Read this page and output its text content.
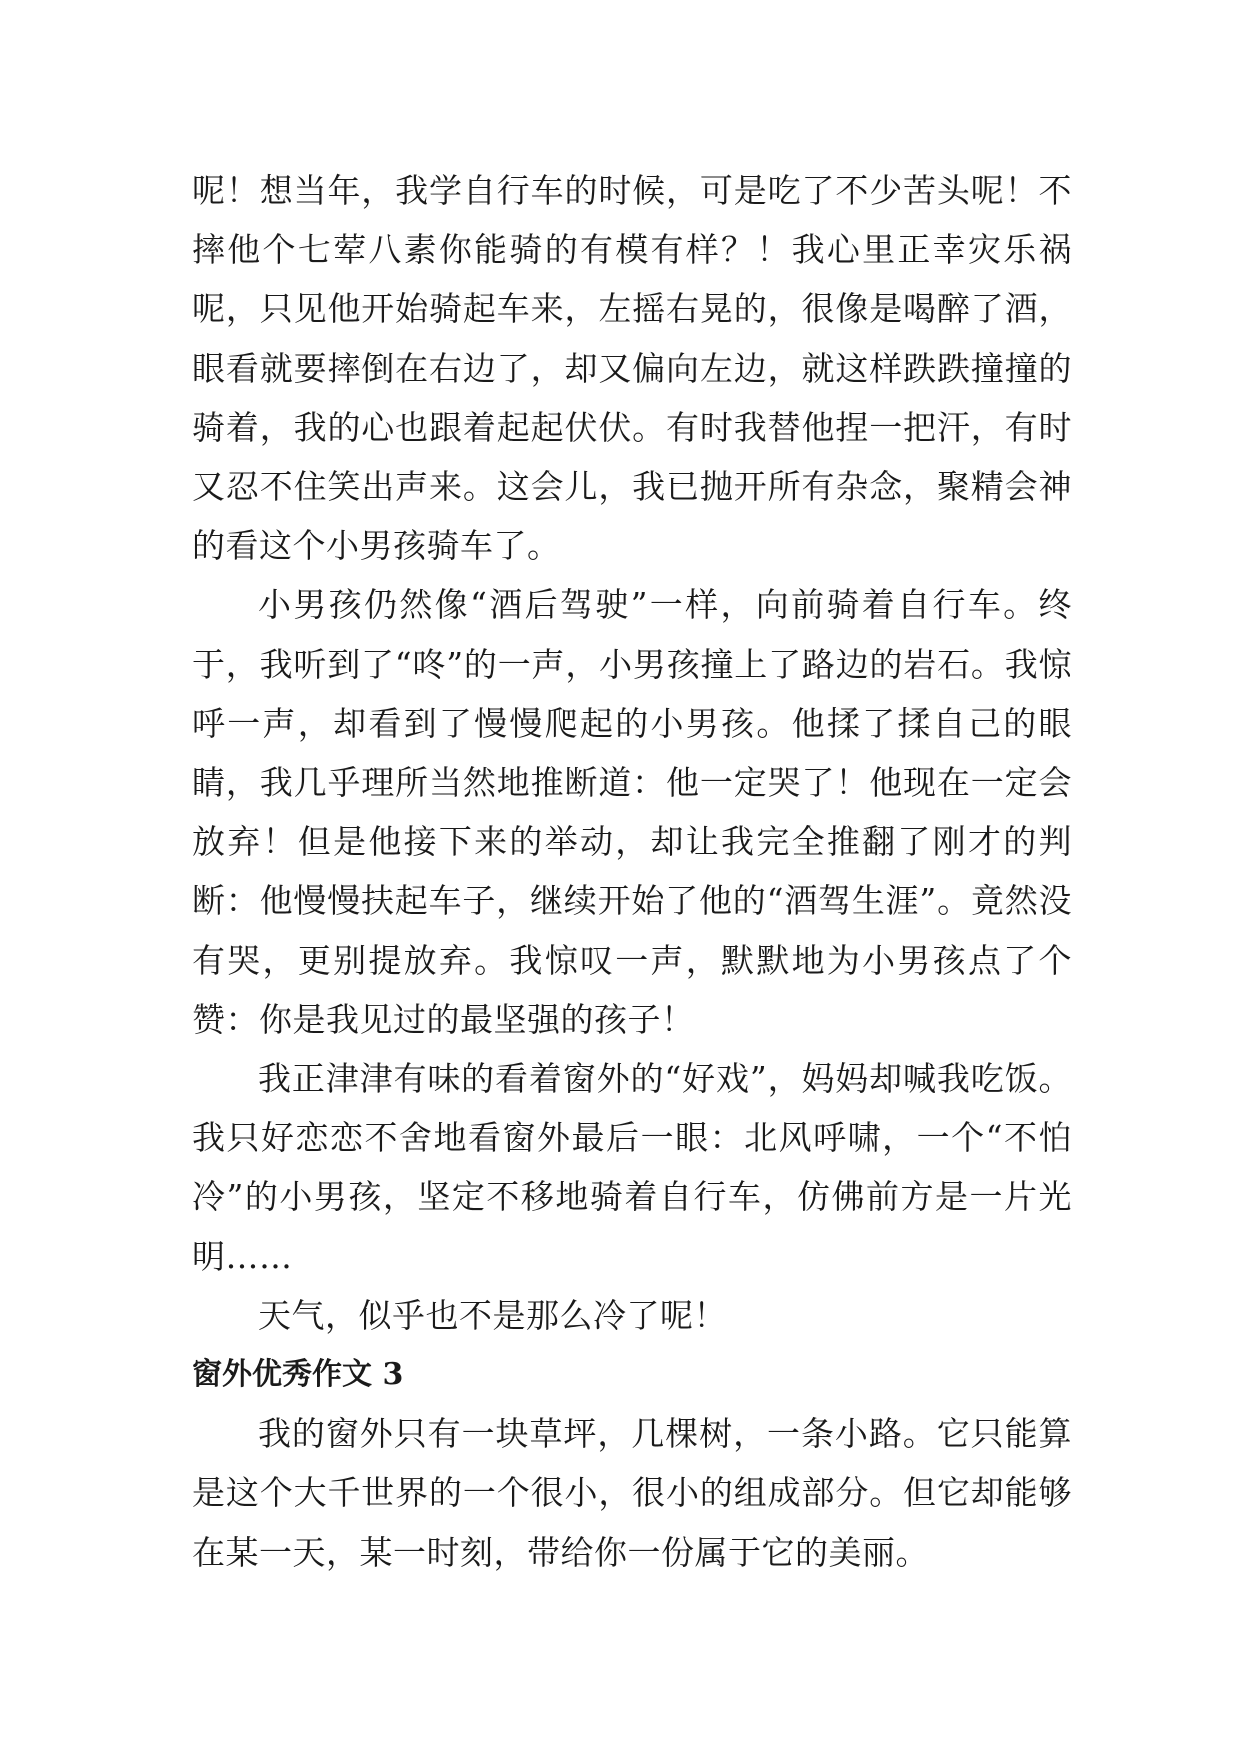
呢！想当年，我学自行车的时候，可是吃了不少苦头呢！不摔他个七荤八素你能骑的有模有样？！我心里正幸灾乐祸呢，只见他开始骑起车来，左摇右晃的，很像是喝醉了酒，眼看就要摔倒在右边了，却又偏向左边，就这样跌跌撞撞的骑着，我的心也跟着起起伏伏。有时我替他捏一把汗，有时又忍不住笑出声来。这会儿，我已抛开所有杂念，聚精会神的看这个小男孩骑车了。

小男孩仍然像“酒后驾驶”一样，向前骑着自行车。终于，我听到了“咚”的一声，小男孩撞上了路边的岩石。我惊呼一声，却看到了慢慢爬起的小男孩。他揉了揉自己的眼睛，我几乎理所当然地推断道：他一定哭了！他现在一定会放弃！但是他接下来的举动，却让我完全推翻了刚才的判断：他慢慢扶起车子，继续开始了他的“酒驾生涯”。竟然没有哭，更别提放弃。我惊叹一声，默默地为小男孩点了个赞：你是我见过的最坚强的孩子！

我正津津有味的看着窗外的“好戏”，妈妈却喊我吃饭。我只好恋恋不舍地看窗外最后一眼：北风呼啸，一个“不怕冷”的小男孩，坚定不移地骑着自行车，仿佛前方是一片光明……

天气，似乎也不是那么冷了呢！

窗外优秀作文 3

我的窗外只有一块草坪，几棵树，一条小路。它只能算是这个大千世界的一个很小，很小的组成部分。但它却能够在某一天，某一时刻，带给你一份属于它的美丽。
